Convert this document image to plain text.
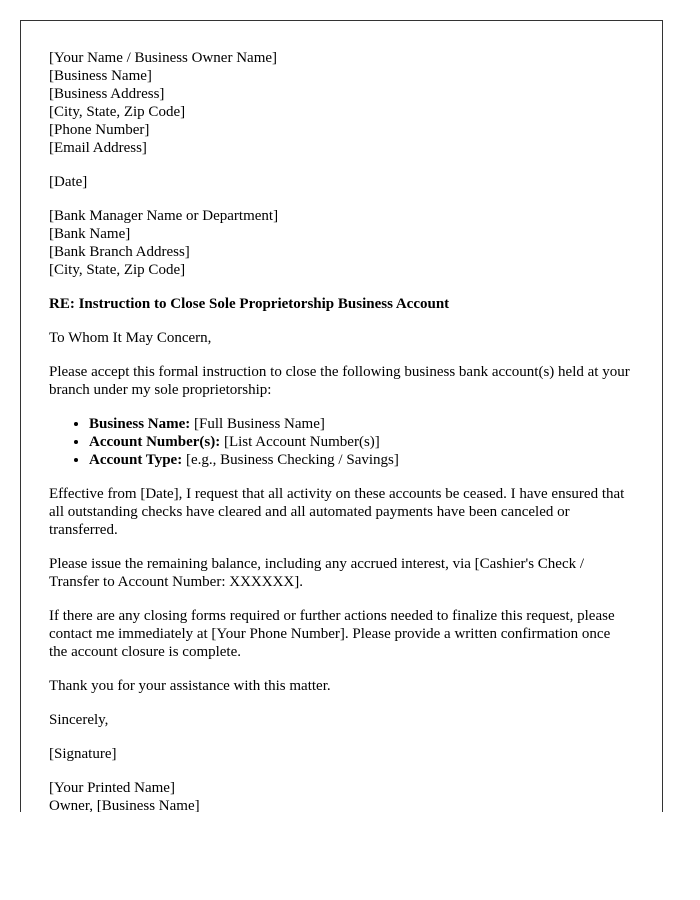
[Your Name / Business Owner Name]
[Business Name]
[Business Address]
[City, State, Zip Code]
[Phone Number]
[Email Address]

[Date]

[Bank Manager Name or Department]
[Bank Name]
[Bank Branch Address]
[City, State, Zip Code]

RE: Instruction to Close Sole Proprietorship Business Account

To Whom It May Concern,

Please accept this formal instruction to close the following business bank account(s) held at your branch under my sole proprietorship:

• Business Name: [Full Business Name]
• Account Number(s): [List Account Number(s)]
• Account Type: [e.g., Business Checking / Savings]

Effective from [Date], I request that all activity on these accounts be ceased. I have ensured that all outstanding checks have cleared and all automated payments have been canceled or transferred.

Please issue the remaining balance, including any accrued interest, via [Cashier's Check / Transfer to Account Number: XXXXXX].

If there are any closing forms required or further actions needed to finalize this request, please contact me immediately at [Your Phone Number]. Please provide a written confirmation once the account closure is complete.

Thank you for your assistance with this matter.

Sincerely,

[Signature]

[Your Printed Name]
Owner, [Business Name]
